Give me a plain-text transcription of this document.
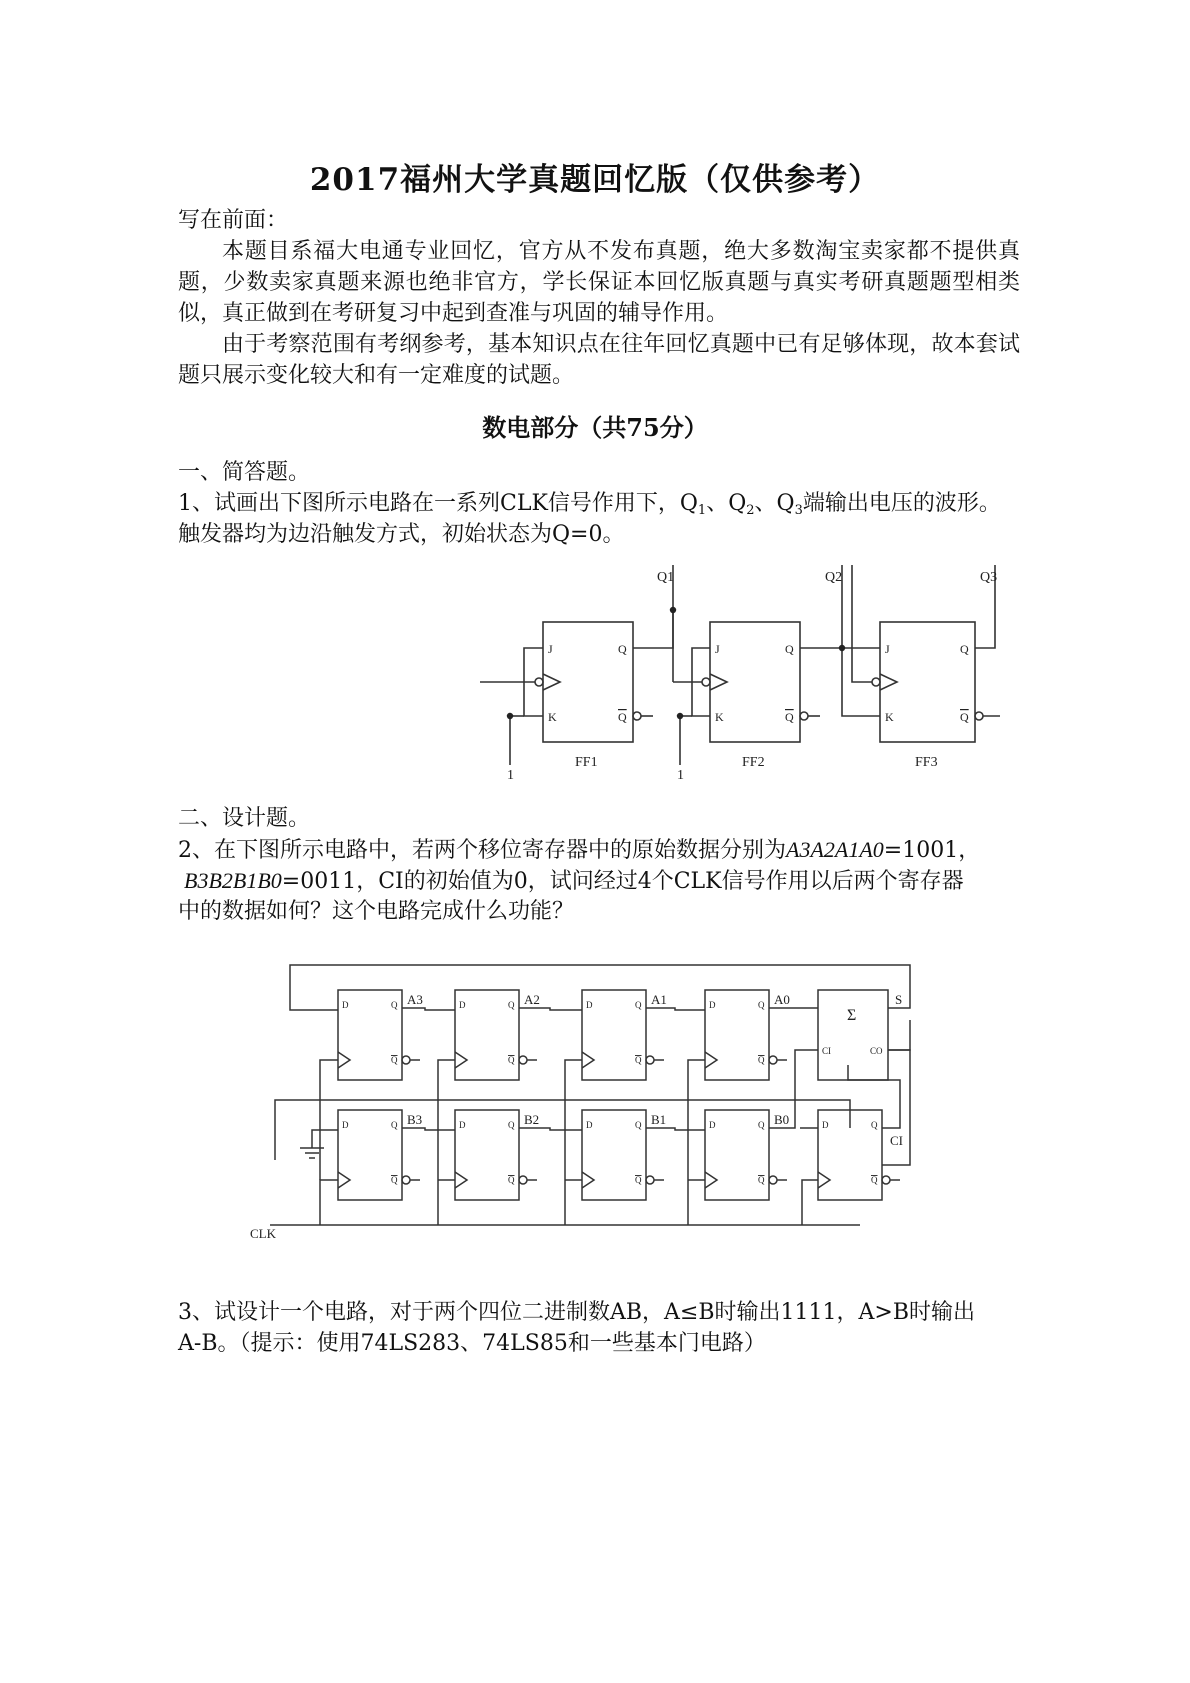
2017福州大学真题回忆版（仅供参考）
写在前面：
本题目系福大电通专业回忆，官方从不发布真题，绝大多数淘宝卖家都不提供真题，少数卖家真题来源也绝非官方，学长保证本回忆版真题与真实考研真题题型相类似，真正做到在考研复习中起到查准与巩固的辅导作用。
由于考察范围有考纲参考，基本知识点在往年回忆真题中已有足够体现，故本套试题只展示变化较大和有一定难度的试题。
数电部分（共75分）
一、简答题。
1、试画出下图所示电路在一系列CLK信号作用下，$Q_1$、$Q_2$、$Q_3$端输出电压的波形。
触发器均为边沿触发方式，初始状态为Q=0。
J
K
Q
Q
J
K
Q
Q
J
K
Q
Q
FF1	FF2	FF3
1	1
Q1	Q2	Q3
二、设计题。
2、在下图所示电路中，若两个移位寄存器中的原始数据分别为A3A2A1A0=1001，
B3B2B1B0=0011，CI的初始值为0，试问经过4个CLK信号作用以后两个寄存器
中的数据如何？这个电路完成什么功能？
D	D	D	D
D	D	D	D	D
Q	Q	Q	Q
Q	Q	Q	Q	Q
Q	Q	Q	Q
Q	Q	Q	Q	Q
CI	CO
A3	A2	A1	A0
B3	B2	B1	B0
Σ
S
CI
CLK
3、试设计一个电路，对于两个四位二进制数AB，A≤B时输出1111，A>B时输出
A-B。（提示：使用74LS283、74LS85和一些基本门电路）
